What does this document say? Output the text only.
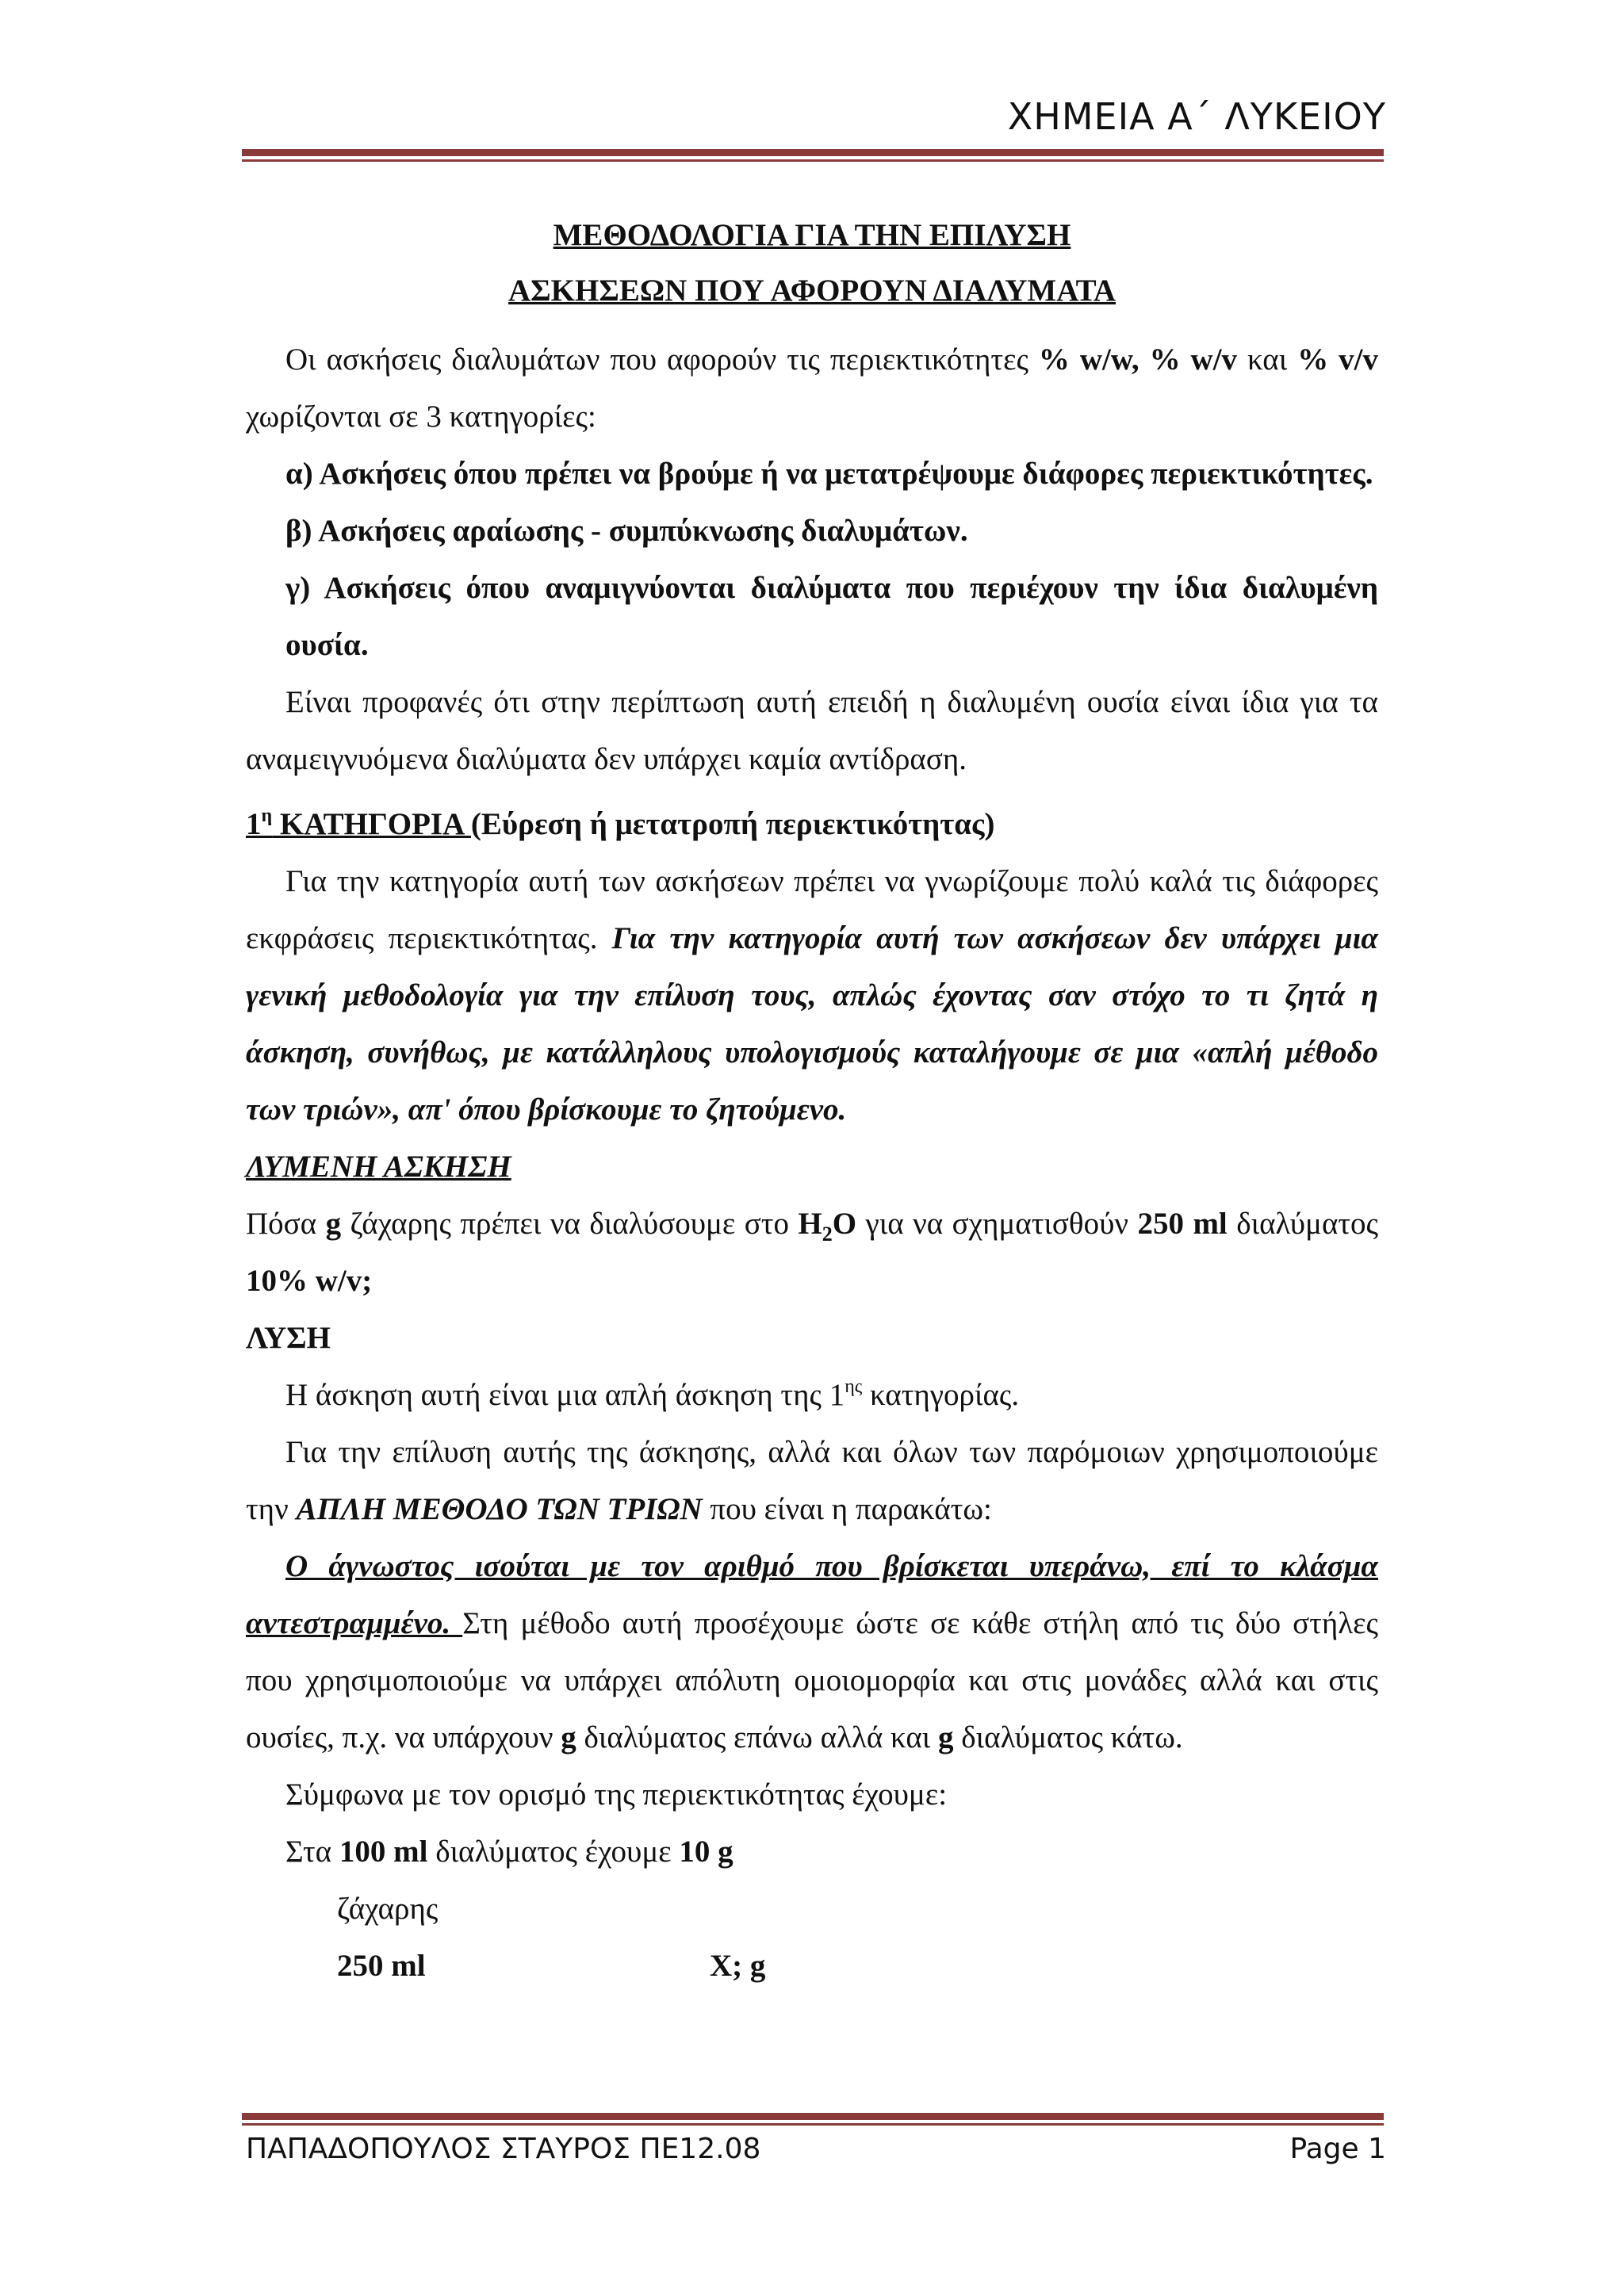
ΧΗΜΕΙΑ Α΄ ΛΥΚΕΙΟΥ
ΜΕΘΟΔΟΛΟΓΙΑ ΓΙΑ ΤΗΝ ΕΠΙΛΥΣΗ
ΑΣΚΗΣΕΩΝ ΠΟΥ ΑΦΟΡΟΥΝ ΔΙΑΛΥΜΑΤΑ
Οι ασκήσεις διαλυμάτων που αφορούν τις περιεκτικότητες % w/w, % w/v και % v/v χωρίζονται σε 3 κατηγορίες:
α) Ασκήσεις όπου πρέπει να βρούμε ή να μετατρέψουμε διάφορες περιεκτικότητες.
β) Ασκήσεις αραίωσης - συμπύκνωσης διαλυμάτων.
γ) Ασκήσεις όπου αναμιγνύονται διαλύματα που περιέχουν την ίδια διαλυμένη ουσία.
Είναι προφανές ότι στην περίπτωση αυτή επειδή η διαλυμένη ουσία είναι ίδια για τα αναμειγνυόμενα διαλύματα δεν υπάρχει καμία αντίδραση.
$1^\eta$ ΚΑΤΗΓΟΡΙΑ (Εύρεση ή μετατροπή περιεκτικότητας)
Για την κατηγορία αυτή των ασκήσεων πρέπει να γνωρίζουμε πολύ καλά τις διάφορες εκφράσεις περιεκτικότητας. Για την κατηγορία αυτή των ασκήσεων δεν υπάρχει μια γενική μεθοδολογία για την επίλυση τους, απλώς έχοντας σαν στόχο το τι ζητά η άσκηση, συνήθως, με κατάλληλους υπολογισμούς καταλήγουμε σε μια «απλή μέθοδο των τριών», απ' όπου βρίσκουμε το ζητούμενο.
ΛΥΜΕΝΗ ΑΣΚΗΣΗ
Πόσα g ζάχαρης πρέπει να διαλύσουμε στο $H_2O$ για να σχηματισθούν 250 ml διαλύματος 10% w/v;
ΛΥΣΗ
Η άσκηση αυτή είναι μια απλή άσκηση της $1^{\eta\varsigma}$ κατηγορίας.
Για την επίλυση αυτής της άσκησης, αλλά και όλων των παρόμοιων χρησιμοποιούμε την ΑΠΛΗ ΜΕΘΟΔΟ ΤΩΝ ΤΡΙΩΝ που είναι η παρακάτω:
Ο άγνωστος ισούται με τον αριθμό που βρίσκεται υπεράνω, επί το κλάσμα αντεστραμμένο. Στη μέθοδο αυτή προσέχουμε ώστε σε κάθε στήλη από τις δύο στήλες που χρησιμοποιούμε να υπάρχει απόλυτη ομοιομορφία και στις μονάδες αλλά και στις ουσίες, π.χ. να υπάρχουν g διαλύματος επάνω αλλά και g διαλύματος κάτω.
Σύμφωνα με τον ορισμό της περιεκτικότητας έχουμε:
Στα 100 ml διαλύματος έχουμε 10 g
ζάχαρης
250 ml	X; g
ΠΑΠΑΔΟΠΟΥΛΟΣ ΣΤΑΥΡΟΣ ΠΕ12.08	Page 1
